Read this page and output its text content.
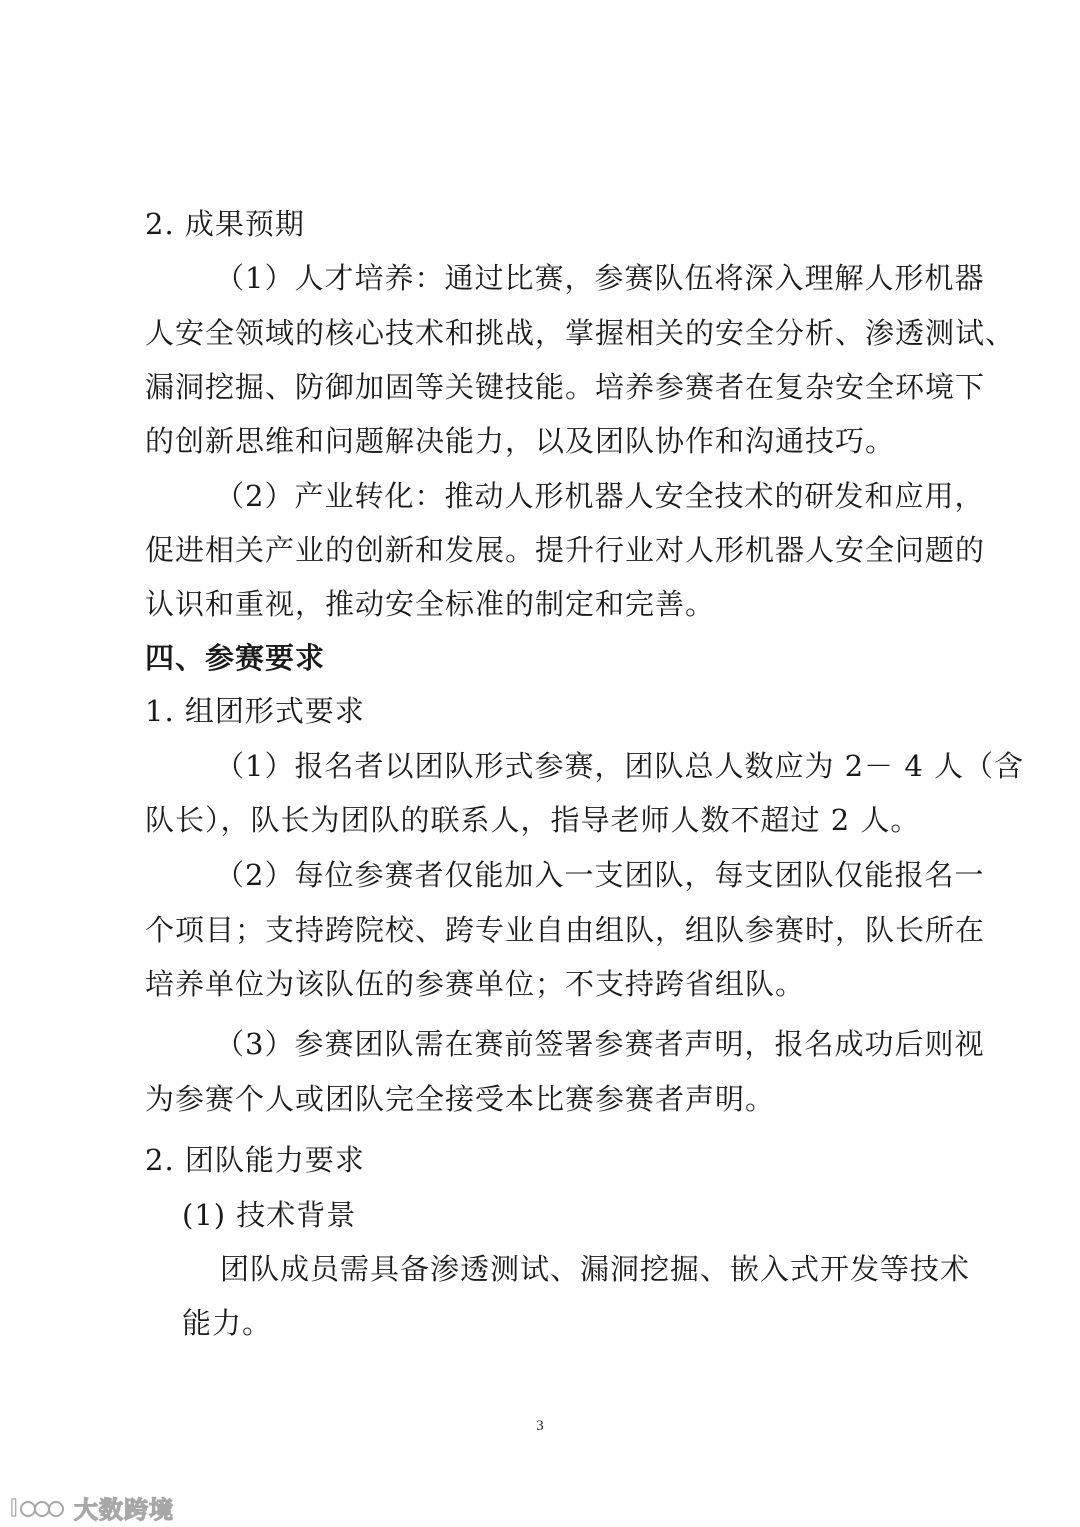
2. 成果预期
（1）人才培养：通过比赛，参赛队伍将深入理解人形机器
人安全领域的核心技术和挑战，掌握相关的安全分析、渗透测试、
漏洞挖掘、防御加固等关键技能。培养参赛者在复杂安全环境下
的创新思维和问题解决能力，以及团队协作和沟通技巧。
（2）产业转化：推动人形机器人安全技术的研发和应用，
促进相关产业的创新和发展。提升行业对人形机器人安全问题的
认识和重视，推动安全标准的制定和完善。
四、参赛要求
1. 组团形式要求
（1）报名者以团队形式参赛，团队总人数应为 2－ 4 人（含
队长），队长为团队的联系人，指导老师人数不超过 2 人。
（2）每位参赛者仅能加入一支团队，每支团队仅能报名一
个项目；支持跨院校、跨专业自由组队，组队参赛时，队长所在
培养单位为该队伍的参赛单位；不支持跨省组队。
（3）参赛团队需在赛前签署参赛者声明，报名成功后则视
为参赛个人或团队完全接受本比赛参赛者声明。
2. 团队能力要求
(1) 技术背景
团队成员需具备渗透测试、漏洞挖掘、嵌入式开发等技术
能力。
3
l 大数跨境
